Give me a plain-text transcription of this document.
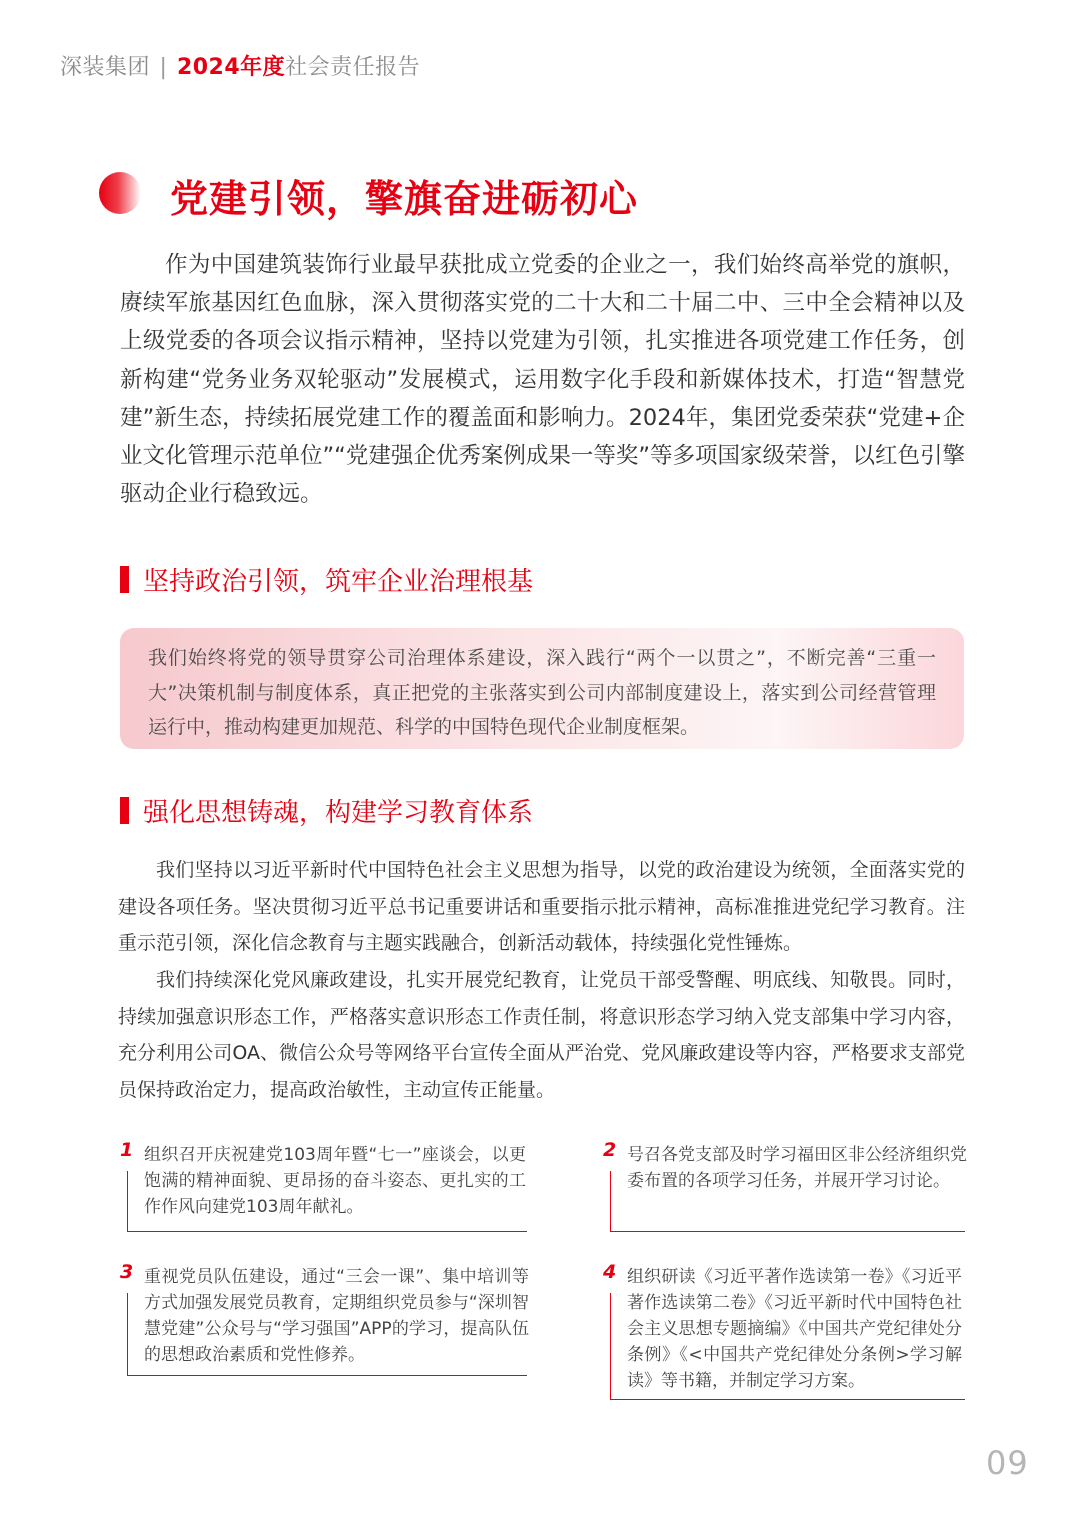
深装集团 | 2024年度社会责任报告
党建引领，擎旗奋进砺初心

作为中国建筑装饰行业最早获批成立党委的企业之一，我们始终高举党的旗帜，赓续军旅基因红色血脉，深入贯彻落实党的二十大和二十届二中、三中全会精神以及上级党委的各项会议指示精神，坚持以党建为引领，扎实推进各项党建工作任务，创新构建“党务业务双轮驱动”发展模式，运用数字化手段和新媒体技术，打造“智慧党建”新生态，持续拓展党建工作的覆盖面和影响力。2024年，集团党委荣获“党建+企业文化管理示范单位”“党建强企优秀案例成果一等奖”等多项国家级荣誉，以红色引擎驱动企业行稳致远。

坚持政治引领，筑牢企业治理根基

我们始终将党的领导贯穿公司治理体系建设，深入践行“两个一以贯之”，不断完善“三重一大”决策机制与制度体系，真正把党的主张落实到公司内部制度建设上，落实到公司经营管理运行中，推动构建更加规范、科学的中国特色现代企业制度框架。

强化思想铸魂，构建学习教育体系

我们坚持以习近平新时代中国特色社会主义思想为指导，以党的政治建设为统领，全面落实党的建设各项任务。坚决贯彻习近平总书记重要讲话和重要指示批示精神，高标准推进党纪学习教育。注重示范引领，深化信念教育与主题实践融合，创新活动载体，持续强化党性锤炼。

我们持续深化党风廉政建设，扎实开展党纪教育，让党员干部受警醒、明底线、知敬畏。同时，持续加强意识形态工作，严格落实意识形态工作责任制，将意识形态学习纳入党支部集中学习内容，充分利用公司OA、微信公众号等网络平台宣传全面从严治党、党风廉政建设等内容，严格要求支部党员保持政治定力，提高政治敏性，主动宣传正能量。

1 组织召开庆祝建党103周年暨“七一”座谈会，以更饱满的精神面貌、更昂扬的奋斗姿态、更扎实的工作作风向建党103周年献礼。

2 号召各党支部及时学习福田区非公经济组织党委布置的各项学习任务，并展开学习讨论。

3 重视党员队伍建设，通过“三会一课”、集中培训等方式加强发展党员教育，定期组织党员参与“深圳智慧党建”公众号与“学习强国”APP的学习，提高队伍的思想政治素质和党性修养。

4 组织研读《习近平著作选读第一卷》《习近平著作选读第二卷》《习近平新时代中国特色社会主义思想专题摘编》《中国共产党纪律处分条例》《<中国共产党纪律处分条例>学习解读》等书籍，并制定学习方案。

09
